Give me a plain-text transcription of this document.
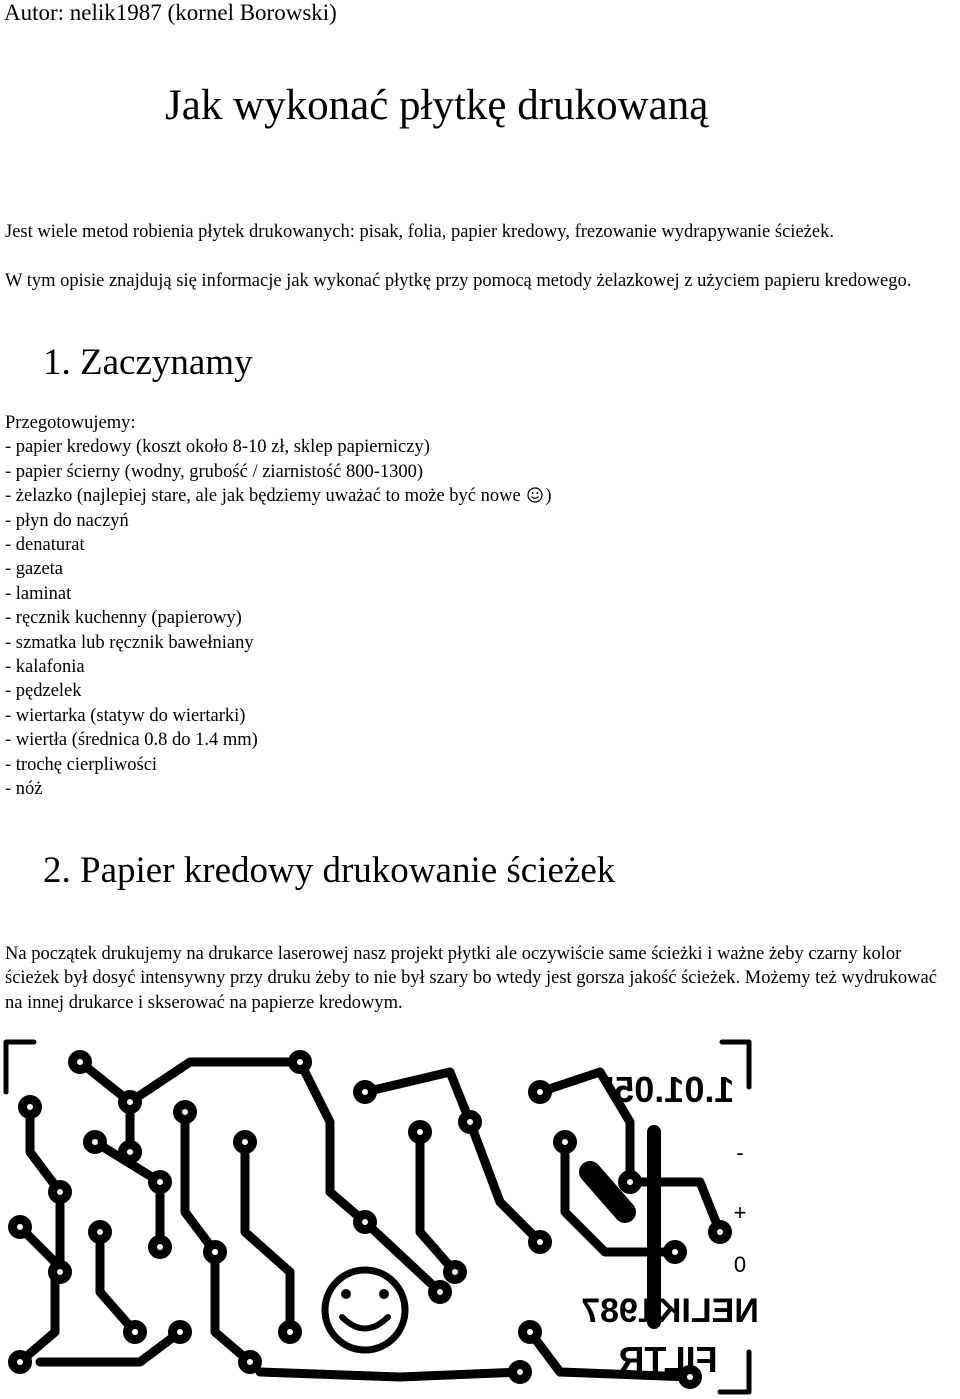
Autor: nelik1987 (kornel Borowski)
Jak wykonać płytkę drukowaną

Jest wiele metod robienia płytek drukowanych: pisak, folia, papier kredowy, frezowanie wydrapywanie ścieżek.

W tym opisie znajdują się informacje jak wykonać płytkę przy pomocą metody żelazkowej z użyciem papieru kredowego.

1. Zaczynamy
Przegotowujemy:
- papier kredowy (koszt około 8-10 zł, sklep papierniczy)
- papier ścierny (wodny, grubość / ziarnistość 800-1300)
- żelazko (najlepiej stare, ale jak będziemy uważać to może być nowe )
- płyn do naczyń
- denaturat
- gazeta
- laminat
- ręcznik kuchenny (papierowy)
- szmatka lub ręcznik bawełniany
- kalafonia
- pędzelek
- wiertarka (statyw do wiertarki)
- wiertła (średnica 0.8 do 1.4 mm)
- trochę cierpliwości
- nóż
2. Papier kredowy drukowanie ścieżek

Na początek drukujemy na drukarce laserowej nasz projekt płytki ale oczywiście same ścieżki i ważne żeby czarny kolor ścieżek był dosyć intensywny przy druku żeby to nie był szary bo wtedy jest gorsza jakość ścieżek. Możemy też wydrukować na innej drukarce i skserować na papierze kredowym.

1.01.05'
NELIK1987
FILTR
-
+
0
